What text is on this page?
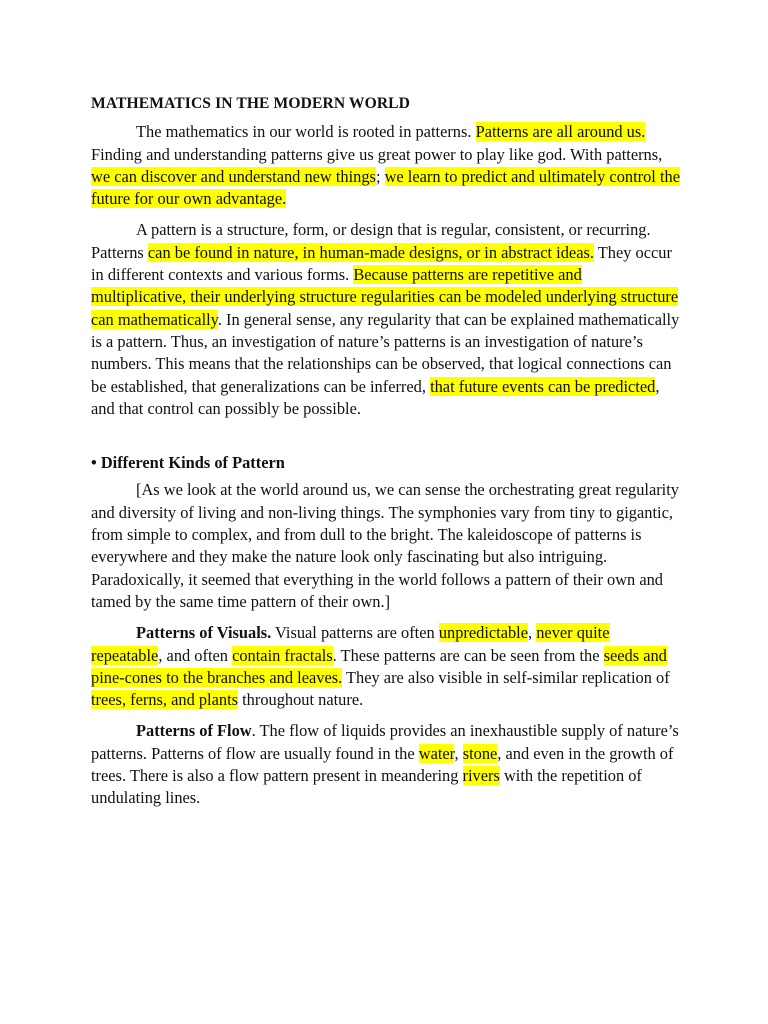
MATHEMATICS IN THE MODERN WORLD

The mathematics in our world is rooted in patterns. Patterns are all around us. Finding and understanding patterns give us great power to play like god. With patterns, we can discover and understand new things; we learn to predict and ultimately control the future for our own advantage.

A pattern is a structure, form, or design that is regular, consistent, or recurring. Patterns can be found in nature, in human-made designs, or in abstract ideas. They occur in different contexts and various forms. Because patterns are repetitive and multiplicative, their underlying structure regularities can be modeled underlying structure can mathematically. In general sense, any regularity that can be explained mathematically is a pattern. Thus, an investigation of nature’s patterns is an investigation of nature’s numbers. This means that the relationships can be observed, that logical connections can be established, that generalizations can be inferred, that future events can be predicted, and that control can possibly be possible.

• Different Kinds of Pattern

[As we look at the world around us, we can sense the orchestrating great regularity and diversity of living and non-living things. The symphonies vary from tiny to gigantic, from simple to complex, and from dull to the bright. The kaleidoscope of patterns is everywhere and they make the nature look only fascinating but also intriguing. Paradoxically, it seemed that everything in the world follows a pattern of their own and tamed by the same time pattern of their own.]

Patterns of Visuals. Visual patterns are often unpredictable, never quite repeatable, and often contain fractals. These patterns are can be seen from the seeds and pine-cones to the branches and leaves. They are also visible in self-similar replication of trees, ferns, and plants throughout nature.

Patterns of Flow. The flow of liquids provides an inexhaustible supply of nature’s patterns. Patterns of flow are usually found in the water, stone, and even in the growth of trees. There is also a flow pattern present in meandering rivers with the repetition of undulating lines.
